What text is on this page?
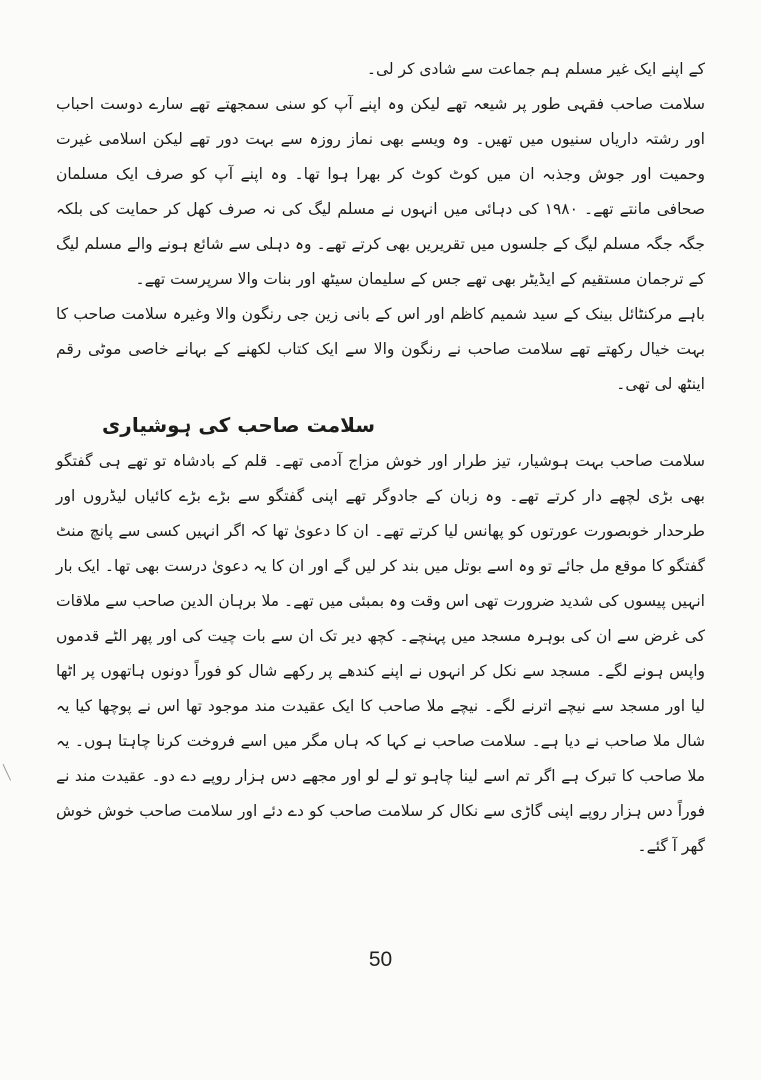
کے اپنے ایک غیر مسلم ہم جماعت سے شادی کر لی۔

سلامت صاحب فقہی طور پر شیعہ تھے لیکن وہ اپنے آپ کو سنی سمجھتے تھے سارے دوست احباب اور رشتہ داریاں سنیوں میں تھیں۔ وہ ویسے بھی نماز روزہ سے بہت دور تھے لیکن اسلامی غیرت وحمیت اور جوش وجذبہ ان میں کوٹ کوٹ کر بھرا ہوا تھا۔ وہ اپنے آپ کو صرف ایک مسلمان صحافی مانتے تھے۔ ۱۹۸۰ کی دہائی میں انہوں نے مسلم لیگ کی نہ صرف کھل کر حمایت کی بلکہ جگہ جگہ مسلم لیگ کے جلسوں میں تقریریں بھی کرتے تھے۔ وہ دہلی سے شائع ہونے والے مسلم لیگ کے ترجمان مستقیم کے ایڈیٹر بھی تھے جس کے سلیمان سیٹھ اور بنات والا سرپرست تھے۔

باہے مرکنٹائل بینک کے سید شمیم کاظم اور اس کے بانی زین جی رنگون والا وغیرہ سلامت صاحب کا بہت خیال رکھتے تھے سلامت صاحب نے رنگون والا سے ایک کتاب لکھنے کے بہانے خاصی موٹی رقم اینٹھ لی تھی۔

سلامت صاحب کی ہوشیاری

سلامت صاحب بہت ہوشیار، تیز طرار اور خوش مزاج آدمی تھے۔ قلم کے بادشاہ تو تھے ہی گفتگو بھی بڑی لچھے دار کرتے تھے۔ وہ زبان کے جادوگر تھے اپنی گفتگو سے بڑے بڑے کائیاں لیڈروں اور طرحدار خوبصورت عورتوں کو پھانس لیا کرتے تھے۔ ان کا دعویٰ تھا کہ اگر انہیں کسی سے پانچ منٹ گفتگو کا موقع مل جائے تو وہ اسے بوتل میں بند کر لیں گے اور ان کا یہ دعویٰ درست بھی تھا۔ ایک بار انہیں پیسوں کی شدید ضرورت تھی اس وقت وہ بمبئی میں تھے۔ ملا برہان الدین صاحب سے ملاقات کی غرض سے ان کی بوہرہ مسجد میں پہنچے۔ کچھ دیر تک ان سے بات چیت کی اور پھر الٹے قدموں واپس ہونے لگے۔ مسجد سے نکل کر انہوں نے اپنے کندھے پر رکھے شال کو فوراً دونوں ہاتھوں پر اٹھا لیا اور مسجد سے نیچے اترنے لگے۔ نیچے ملا صاحب کا ایک عقیدت مند موجود تھا اس نے پوچھا کیا یہ شال ملا صاحب نے دیا ہے۔ سلامت صاحب نے کہا کہ ہاں مگر میں اسے فروخت کرنا چاہتا ہوں۔ یہ ملا صاحب کا تبرک ہے اگر تم اسے لینا چاہو تو لے لو اور مجھے دس ہزار روپے دے دو۔ عقیدت مند نے فوراً دس ہزار روپے اپنی گاڑی سے نکال کر سلامت صاحب کو دے دئے اور سلامت صاحب خوش خوش گھر آ گئے۔

50
